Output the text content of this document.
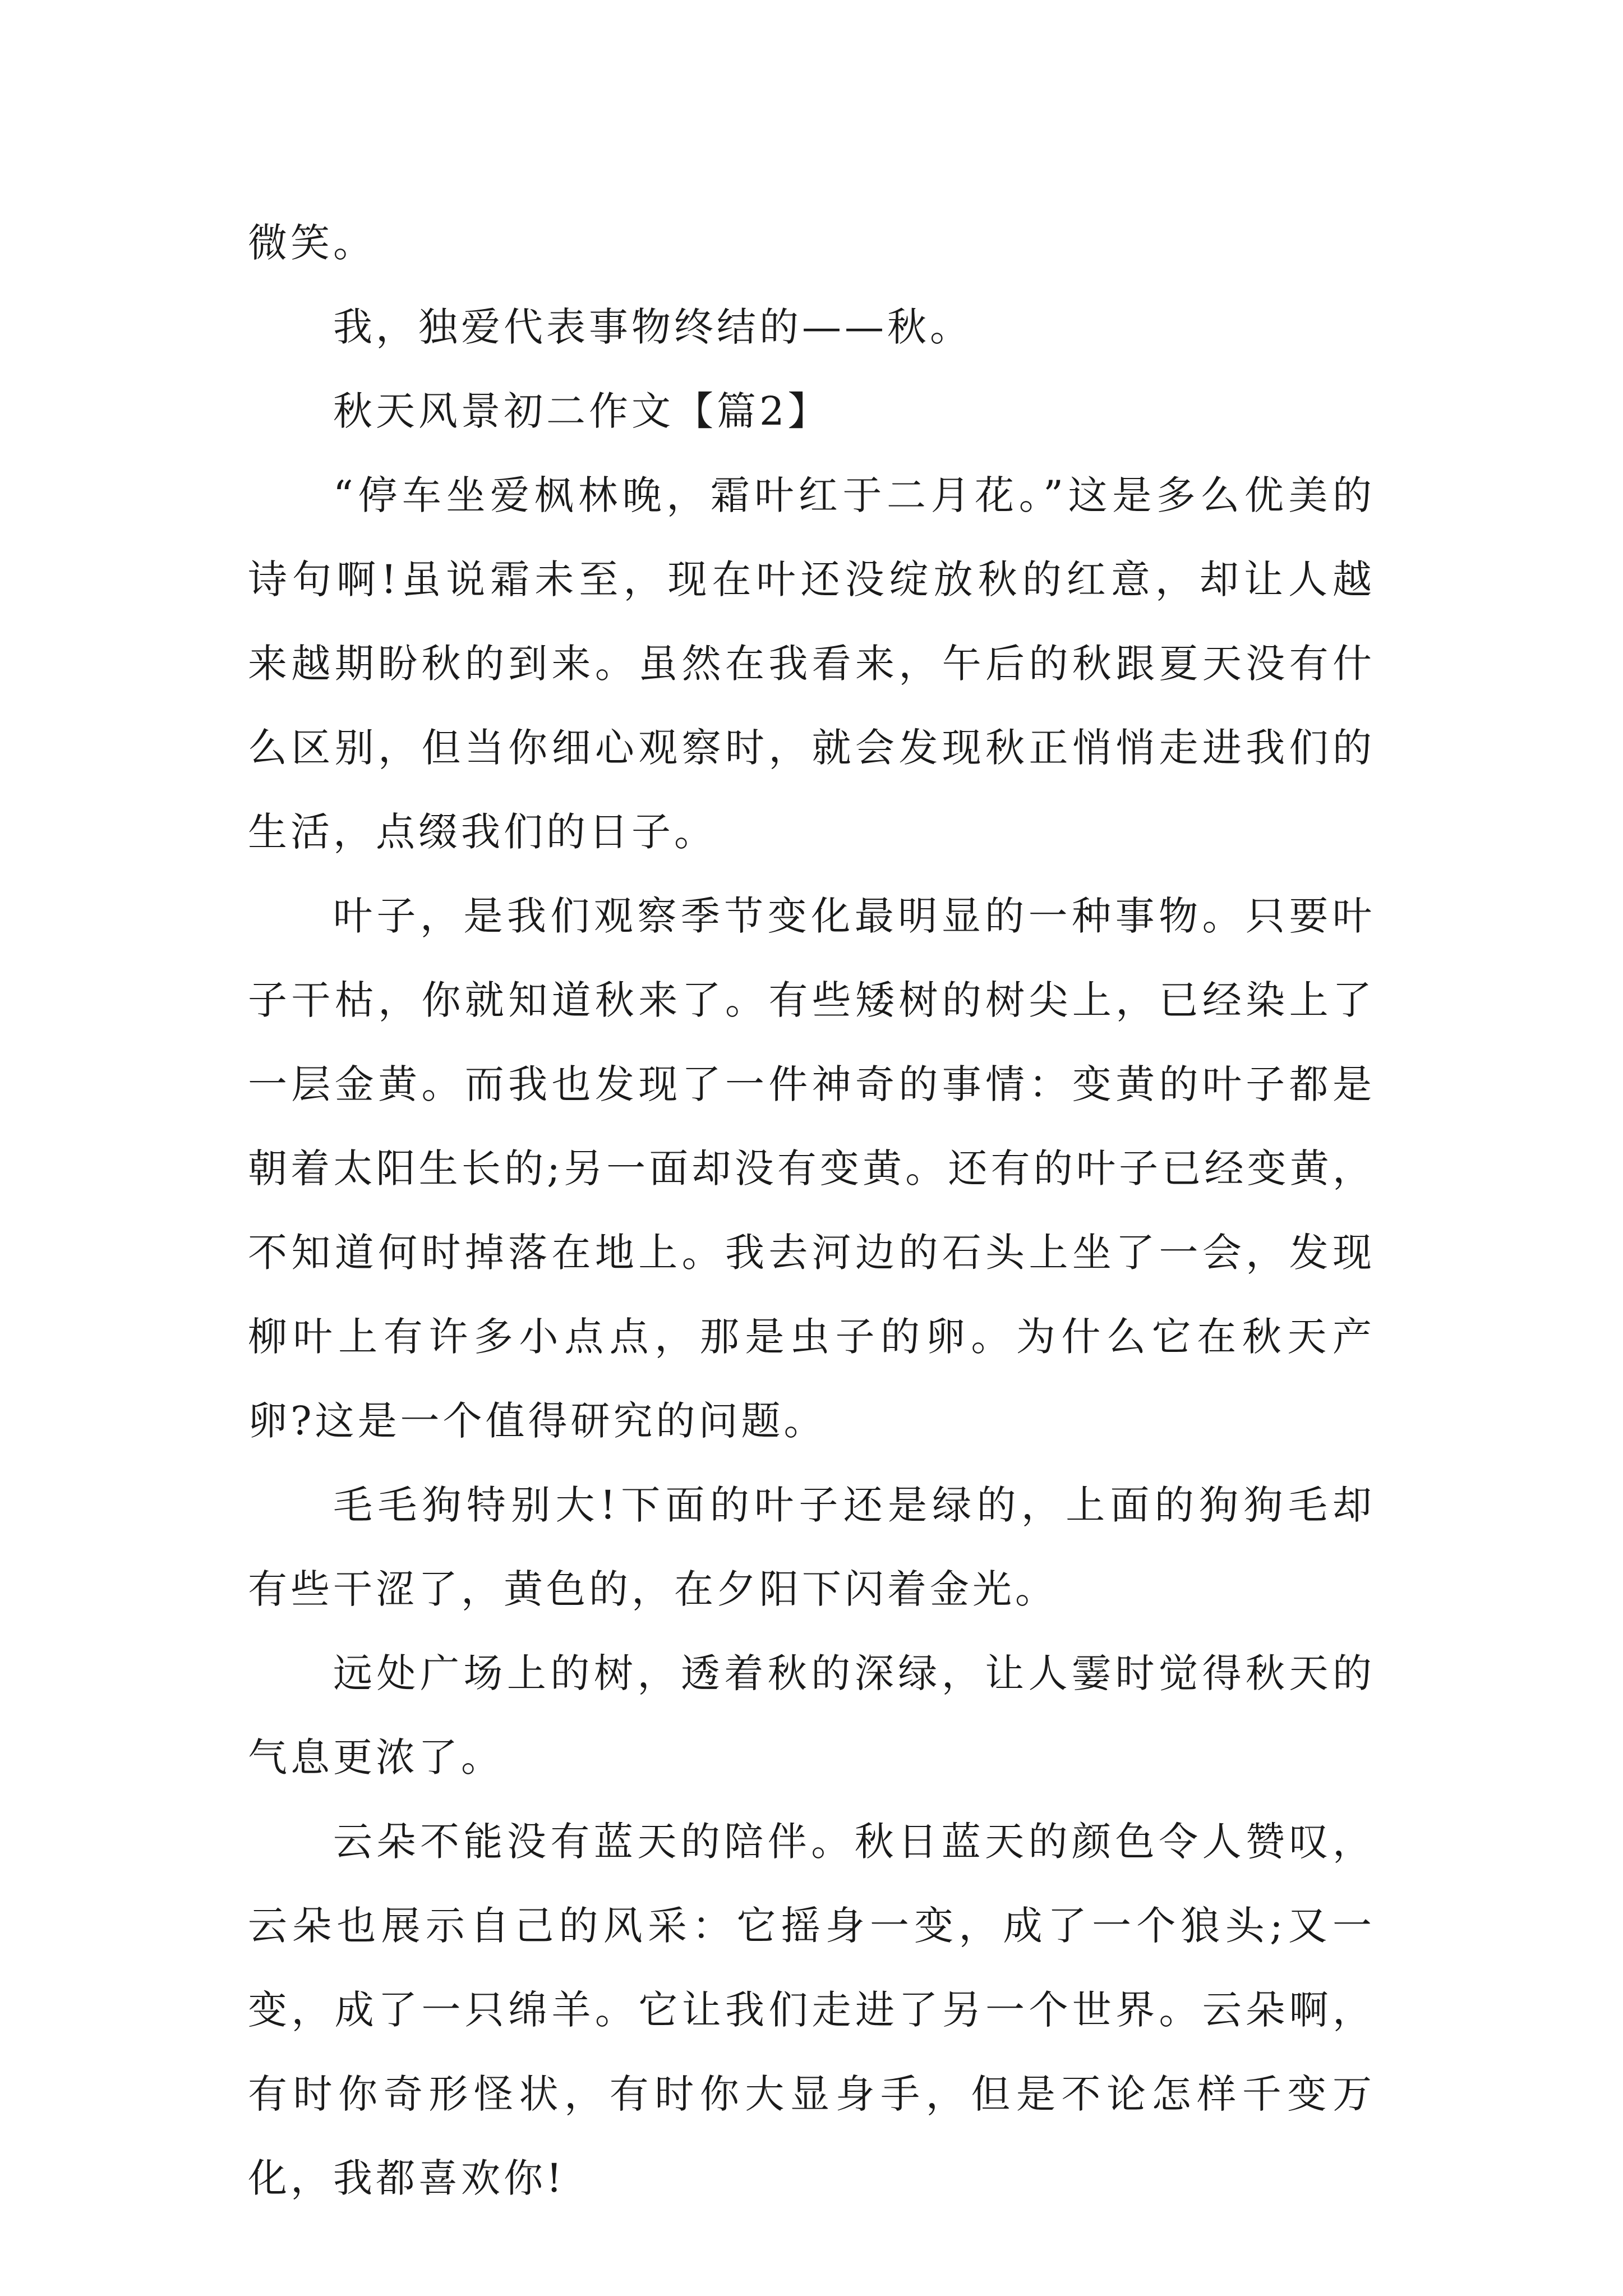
微笑。

我，独爱代表事物终结的——秋。

秋天风景初二作文【篇2】

“停车坐爱枫林晚，霜叶红于二月花。”这是多么优美的诗句啊!虽说霜未至，现在叶还没绽放秋的红意，却让人越来越期盼秋的到来。虽然在我看来，午后的秋跟夏天没有什么区别，但当你细心观察时，就会发现秋正悄悄走进我们的生活，点缀我们的日子。

叶子，是我们观察季节变化最明显的一种事物。只要叶子干枯，你就知道秋来了。有些矮树的树尖上，已经染上了一层金黄。而我也发现了一件神奇的事情：变黄的叶子都是朝着太阳生长的;另一面却没有变黄。还有的叶子已经变黄，不知道何时掉落在地上。我去河边的石头上坐了一会，发现柳叶上有许多小点点，那是虫子的卵。为什么它在秋天产卵?这是一个值得研究的问题。

毛毛狗特别大!下面的叶子还是绿的，上面的狗狗毛却有些干涩了，黄色的，在夕阳下闪着金光。

远处广场上的树，透着秋的深绿，让人霎时觉得秋天的气息更浓了。

云朵不能没有蓝天的陪伴。秋日蓝天的颜色令人赞叹，云朵也展示自己的风采：它摇身一变，成了一个狼头;又一变，成了一只绵羊。它让我们走进了另一个世界。云朵啊，有时你奇形怪状，有时你大显身手，但是不论怎样千变万化，我都喜欢你!
